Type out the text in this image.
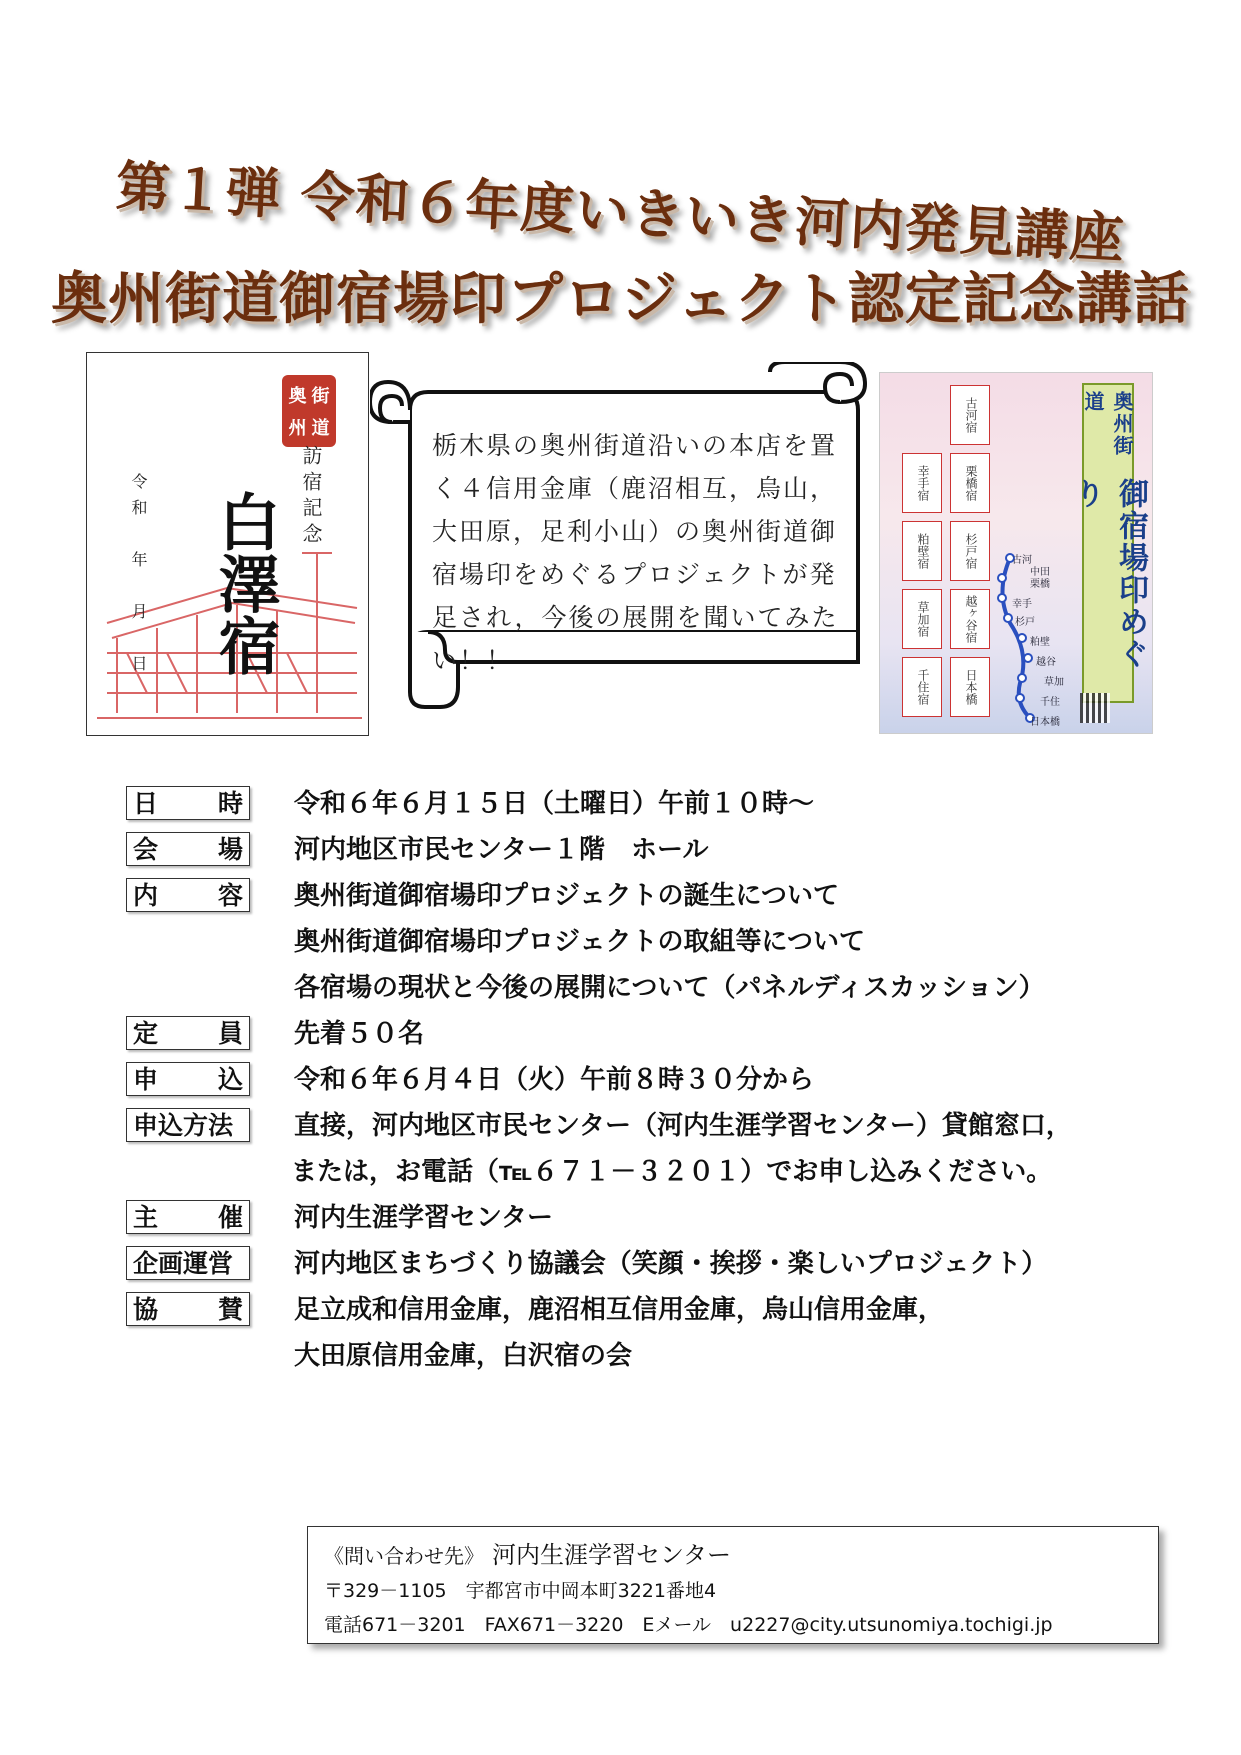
第１弾 令和６年度いきいき河内発見講座
奥州街道御宿場印プロジェクト認定記念講話
奥 街
州 道
白澤宿 訪宿記念
令和　年　月　日
栃木県の奥州街道沿いの本店を置く４信用金庫（鹿沼相互，烏山，大田原，足利小山）の奥州街道御宿場印をめぐるプロジェクトが発足され，今後の展開を聞いてみたい！！
奥州街道
御宿場印めぐり
古河宿
栗橋宿
幸手宿
杉戸宿
粕壁宿
越ヶ谷宿
草加宿
千住宿	日本橋
古河
中田
栗橋
幸手
杉戸
粕壁
越谷
草加
千住
日本橋
日 時 令和６年６月１５日（土曜日）午前１０時～
会 場 河内地区市民センター１階　ホール
内 容 奥州街道御宿場印プロジェクトの誕生について
奥州街道御宿場印プロジェクトの取組等について
各宿場の現状と今後の展開について（パネルディスカッション）
定 員 先着５０名
申 込 令和６年６月４日（火）午前８時３０分から
申込方法	直接，河内地区市民センター（河内生涯学習センター）貸館窓口，
または，お電話（℡６７１－３２０１）でお申し込みください。
主 催 河内生涯学習センター
企画運営	河内地区まちづくり協議会（笑顔・挨拶・楽しいプロジェクト）
協 賛 足立成和信用金庫，鹿沼相互信用金庫，烏山信用金庫，
大田原信用金庫，白沢宿の会
《問い合わせ先》 河内生涯学習センター
〒329－1105　宇都宮市中岡本町3221番地4
電話671－3201　FAX671－3220　Eメール　u2227@city.utsunomiya.tochigi.jp
